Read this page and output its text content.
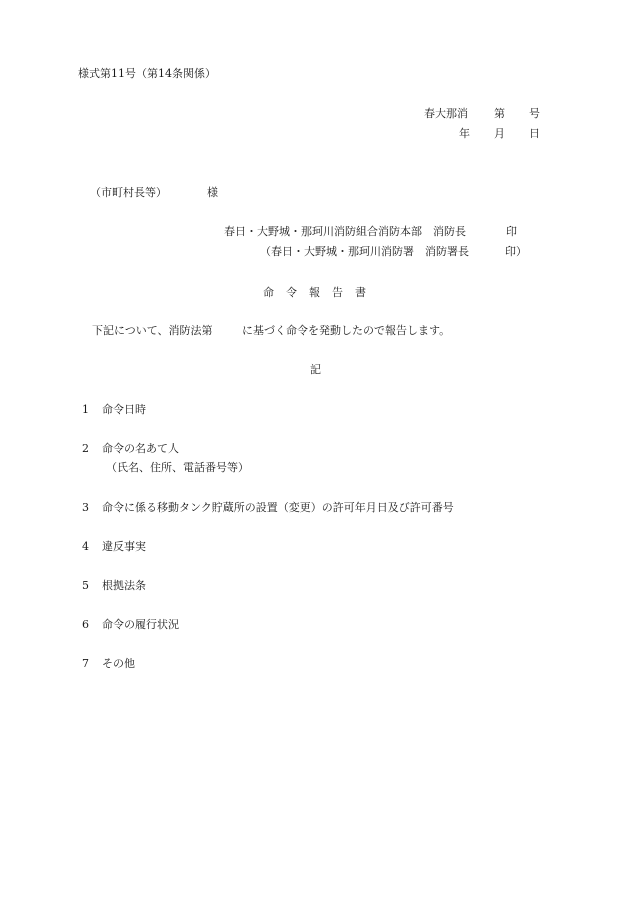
様式第11号（第14条関係）
春大那消 第 号
年 月 日
（市町村長等）	様
春日・大野城・那珂川消防組合消防本部　消防長	印
（春日・大野城・那珂川消防署　消防署長	印）
命 令 報 告 書
下記について、消防法第	に基づく命令を発動したので報告します。
記
1 命令日時
2 命令の名あて人
（氏名、住所、電話番号等）
3 命令に係る移動タンク貯蔵所の設置（変更）の許可年月日及び許可番号
4 違反事実
5 根拠法条
6 命令の履行状況
7 その他
